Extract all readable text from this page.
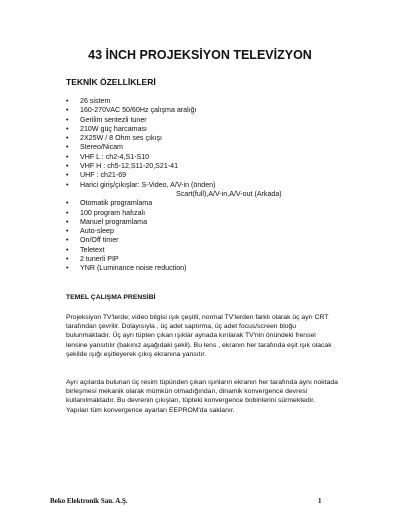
43 İNCH PROJEKSİYON TELEVİZYON
TEKNİK ÖZELLİKLERİ
• 26 sistem
• 160-270VAC 50/60Hz çalışma aralığı
• Gerilim sentezli tuner
• 210W güç harcaması
• 2X25W / 8 Ohm ses çıkışı
• Stereo/Nicam
• VHF L : ch2-4,S1-S10
• VHF H : ch5-12,S11-20,S21-41
• UHF : ch21-69
• Harici giriş/çıkışlar: S-Video, A/V-in (önden)
Scart(full),A/V-in,A/V-out (Arkada)
• Otomatik programlama
• 100 program hafızalı
• Manuel programlama
• Auto-sleep
• On/Off timer
• Teletext
• 2 tunerli PIP
• YNR (Luminance noise reduction)
TEMEL ÇALIŞMA PRENSİBİ

Projeksiyon TV'lerde; video bilgisi ışık çeşitli, normal TV'lerden farklı olarak üç ayrı CRT tarafından çevrilir. Dolayısıyla , üç adet saptırma, üç adet focus/screen bloğu bulunmaktadır. Üç ayrı tüpten çıkan ışıklar aynada kırılarak TV'nin önündeki frensel lensine yansıtılır (bakınız aşağıdaki şekil). Bu lens , ekranın her tarafında eşit ışık olacak şekilde ışığı eşitleyerek çıkış ekranına yansıtır.

Ayrı açılarda bulunan üç resim tüpünden çıkan ışınların ekranın her tarafında aynı noktada birleşmesi mekanik olarak mümkün olmadığından, dinamik konvergence devresi kullanılmaktadır. Bu devrenin çıkışları, tüpteki konvergence bobinlerini sürmektedir. Yapılan tüm konvergence ayarları EEPROM'da saklanır.

Beko Elektronik San. A.Ş.	1
